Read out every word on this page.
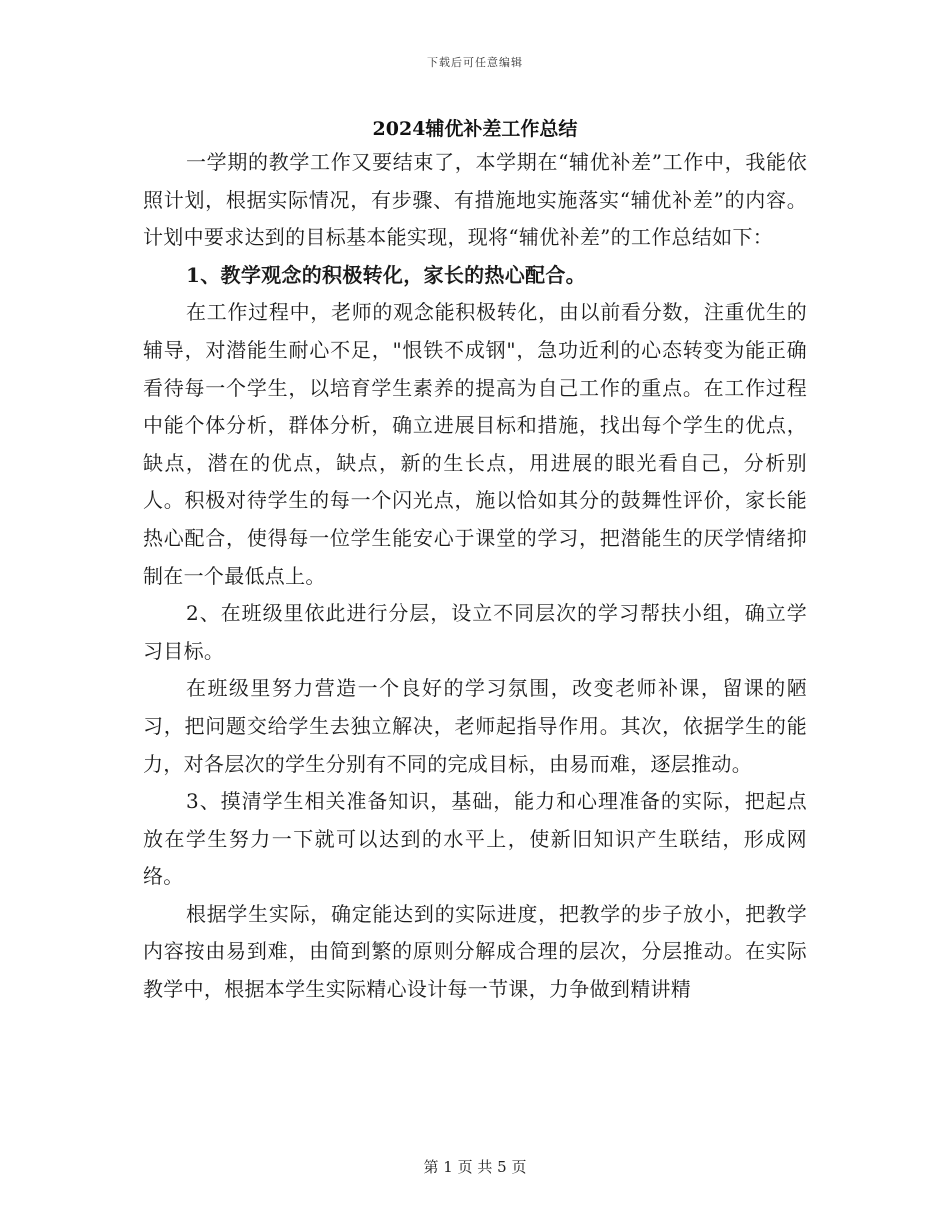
下载后可任意编辑
2024辅优补差工作总结

一学期的教学工作又要结束了，本学期在“辅优补差”工作中，我能依照计划，根据实际情况，有步骤、有措施地实施落实“辅优补差”的内容。计划中要求达到的目标基本能实现，现将“辅优补差”的工作总结如下：

1、教学观念的积极转化，家长的热心配合。

在工作过程中，老师的观念能积极转化，由以前看分数，注重优生的辅导，对潜能生耐心不足，"恨铁不成钢"，急功近利的心态转变为能正确看待每一个学生，以培育学生素养的提高为自己工作的重点。在工作过程中能个体分析，群体分析，确立进展目标和措施，找出每个学生的优点，缺点，潜在的优点，缺点，新的生长点，用进展的眼光看自己，分析别人。积极对待学生的每一个闪光点，施以恰如其分的鼓舞性评价，家长能热心配合，使得每一位学生能安心于课堂的学习，把潜能生的厌学情绪抑制在一个最低点上。

2、在班级里依此进行分层，设立不同层次的学习帮扶小组，确立学习目标。

在班级里努力营造一个良好的学习氛围，改变老师补课，留课的陋习，把问题交给学生去独立解决，老师起指导作用。其次，依据学生的能力，对各层次的学生分别有不同的完成目标，由易而难，逐层推动。

3、摸清学生相关准备知识，基础，能力和心理准备的实际，把起点放在学生努力一下就可以达到的水平上，使新旧知识产生联结，形成网络。

根据学生实际，确定能达到的实际进度，把教学的步子放小，把教学内容按由易到难，由简到繁的原则分解成合理的层次，分层推动。在实际教学中，根据本学生实际精心设计每一节课，力争做到精讲精

第 1 页 共 5 页
